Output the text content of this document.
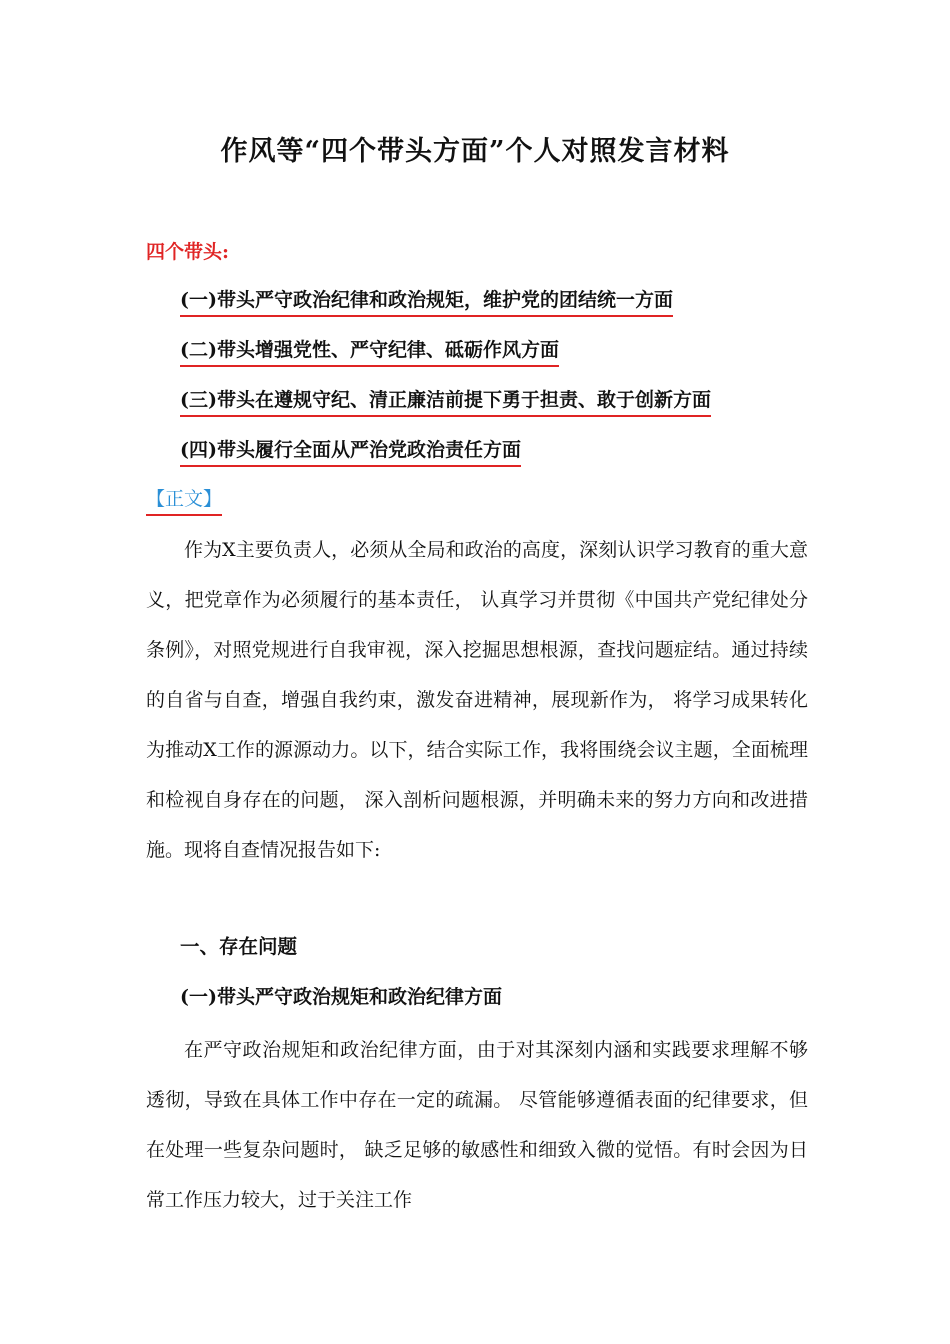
作风等“四个带头方面”个人对照发言材料
四个带头:
(一)带头严守政治纪律和政治规矩，维护党的团结统一方面
(二)带头增强党性、严守纪律、砥砺作风方面
(三)带头在遵规守纪、清正廉洁前提下勇于担责、敢于创新方面
(四)带头履行全面从严治党政治责任方面
【正文】

作为X主要负责人，必须从全局和政治的高度，深刻认识学习教育的重大意义，把党章作为必须履行的基本责任， 认真学习并贯彻《中国共产党纪律处分条例》，对照党规进行自我审视，深入挖掘思想根源，查找问题症结。通过持续的自省与自查，增强自我约束，激发奋进精神，展现新作为， 将学习成果转化为推动X工作的源源动力。以下，结合实际工作，我将围绕会议主题，全面梳理和检视自身存在的问题， 深入剖析问题根源，并明确未来的努力方向和改进措施。现将自查情况报告如下:

一、存在问题
(一)带头严守政治规矩和政治纪律方面

在严守政治规矩和政治纪律方面，由于对其深刻内涵和实践要求理解不够透彻，导致在具体工作中存在一定的疏漏。 尽管能够遵循表面的纪律要求，但在处理一些复杂问题时， 缺乏足够的敏感性和细致入微的觉悟。有时会因为日常工作压力较大，过于关注工作
